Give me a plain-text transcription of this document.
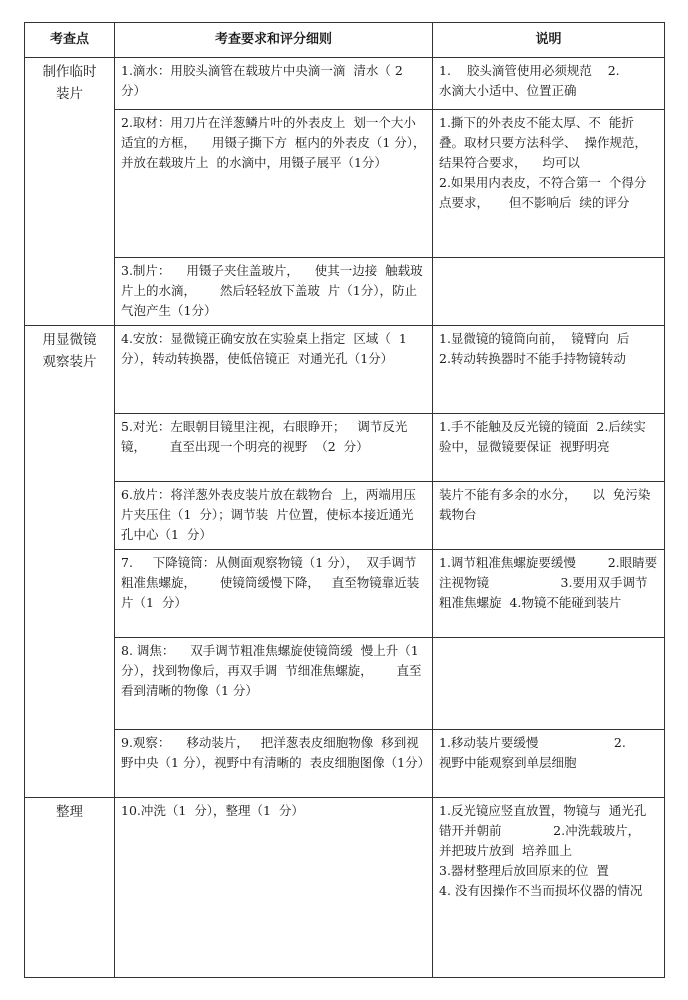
考查点	考查要求和评分细则	说明
制作临时
装片	1.滴水：用胶头滴管在载玻片中央滴一滴  清水（ 2  分）	1.    胶头滴管使用必须规范    2.
水滴大小适中、位置正确
	2.取材：用刀片在洋葱鳞片叶的外表皮上  划一个大小适宜的方框，    用镊子撕下方  框内的外表皮（1 分），并放在载玻片上  的水滴中，用镊子展平（1分）	1.撕下的外表皮不能太厚、不  能折叠。取材只要方法科学、  操作规范，      结果符合要求，    均可以
2.如果用内表皮，不符合第一  个得分点要求，     但不影响后  续的评分
	3.制片：    用镊子夹住盖玻片，    使其一边接  触载玻片上的水滴，      然后轻轻放下盖玻  片（1分），防止气泡产生（1分）	
用显微镜
观察装片	4.安放：显微镜正确安放在实验桌上指定  区域（  1   分），转动转换器，使低倍镜正  对通光孔（1分）	1.显微镜的镜筒向前，  镜臂向  后
2.转动转换器时不能手持物镜转动
	5.对光：左眼朝目镜里注视，右眼睁开；   调节反光镜，      直至出现一个明亮的视野  （2  分）	1.手不能触及反光镜的镜面  2.后续实验中，显微镜要保证  视野明亮
	6.放片：将洋葱外表皮装片放在载物台  上，两端用压片夹压住（1  分）；调节装  片位置，使标本接近通光孔中心（1  分）	装片不能有多余的水分，    以  免污染载物台
	7.     下降镜筒：从侧面观察物镜（1 分），  双手调节粗准焦螺旋，      使镜筒缓慢下降，   直至物镜靠近装片（1  分）	1.调节粗准焦螺旋要缓慢        2.眼睛要注视物镜                  3.要用双手调节粗准焦螺旋  4.物镜不能碰到装片
	8. 调焦：    双手调节粗准焦螺旋使镜筒缓  慢上升（1 分），找到物像后，再双手调  节细准焦螺旋，      直至看到清晰的物像（1 分）	
	9.观察：    移动装片，   把洋葱表皮细胞物像  移到视野中央（1 分），视野中有清晰的  表皮细胞图像（1分）	1.移动装片要缓慢                   2.
视野中能观察到单层细胞
整理	10.冲洗（1  分），整理（1  分）	1.反光镜应竖直放置，物镜与  通光孔错开并朝前             2.冲洗载玻片，  并把玻片放到  培养皿上
3.器材整理后放回原来的位  置
4. 没有因操作不当而损坏仪器的情况
